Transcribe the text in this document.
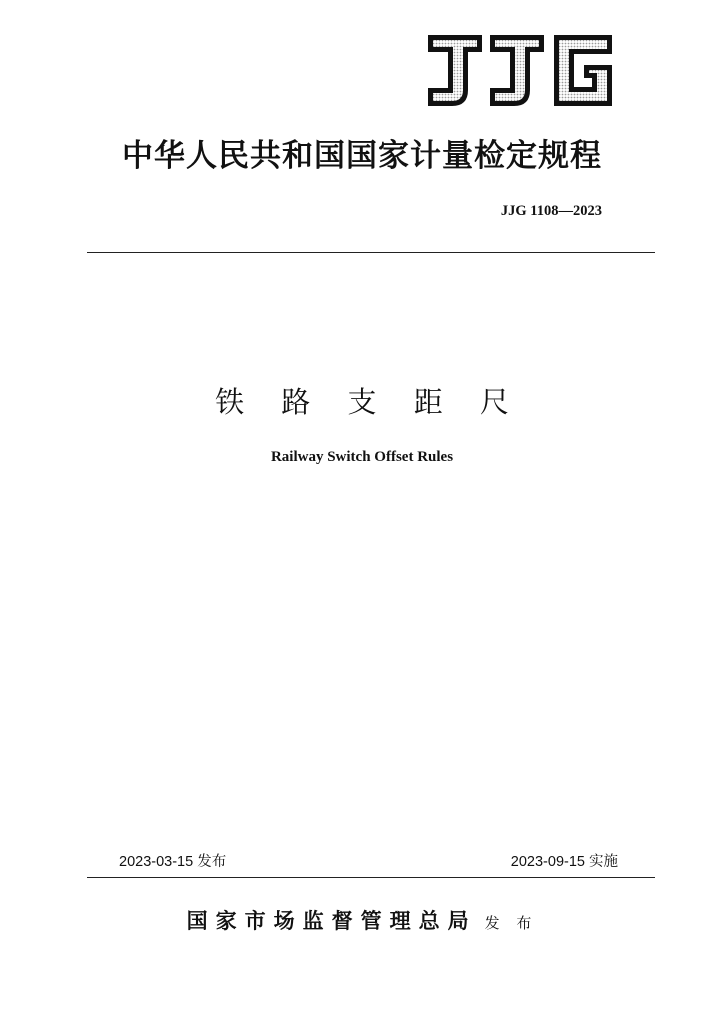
中华人民共和国国家计量检定规程
JJG 1108—2023
铁 路 支 距 尺
Railway Switch Offset Rules
2023-03-15 发布	2023-09-15 实施
国家市场监督管理总局 发 布
